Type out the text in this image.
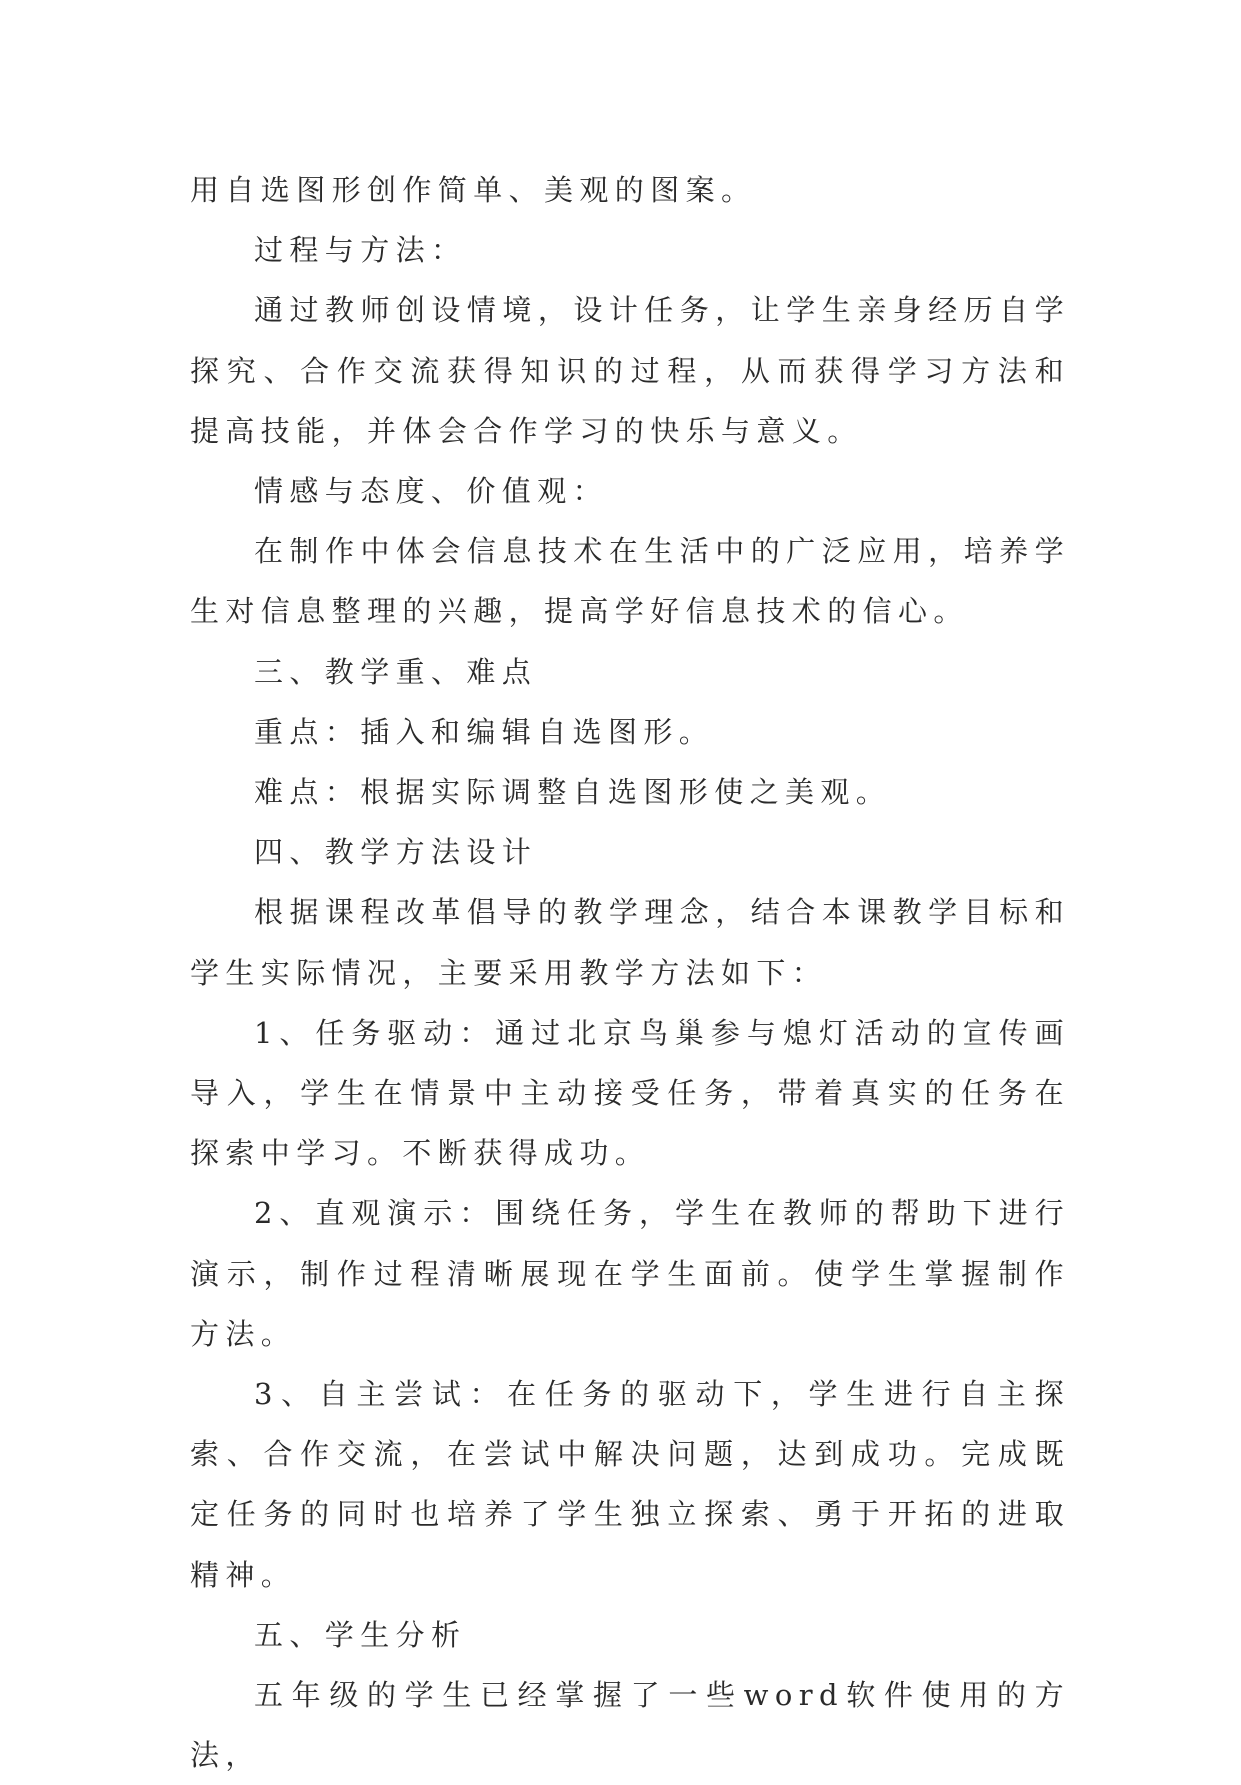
用自选图形创作简单、美观的图案。

过程与方法：

通过教师创设情境，设计任务，让学生亲身经历自学探究、合作交流获得知识的过程，从而获得学习方法和提高技能，并体会合作学习的快乐与意义。

情感与态度、价值观：

在制作中体会信息技术在生活中的广泛应用，培养学生对信息整理的兴趣，提高学好信息技术的信心。

三、教学重、难点

重点：插入和编辑自选图形。

难点：根据实际调整自选图形使之美观。

四、教学方法设计

根据课程改革倡导的教学理念，结合本课教学目标和学生实际情况，主要采用教学方法如下：

1、任务驱动：通过北京鸟巢参与熄灯活动的宣传画导入，学生在情景中主动接受任务，带着真实的任务在探索中学习。不断获得成功。

2、直观演示：围绕任务，学生在教师的帮助下进行演示，制作过程清晰展现在学生面前。使学生掌握制作方法。

3、自主尝试：在任务的驱动下，学生进行自主探索、合作交流，在尝试中解决问题，达到成功。完成既定任务的同时也培养了学生独立探索、勇于开拓的进取精神。

五、学生分析

五年级的学生已经掌握了一些word软件使用的方法，
